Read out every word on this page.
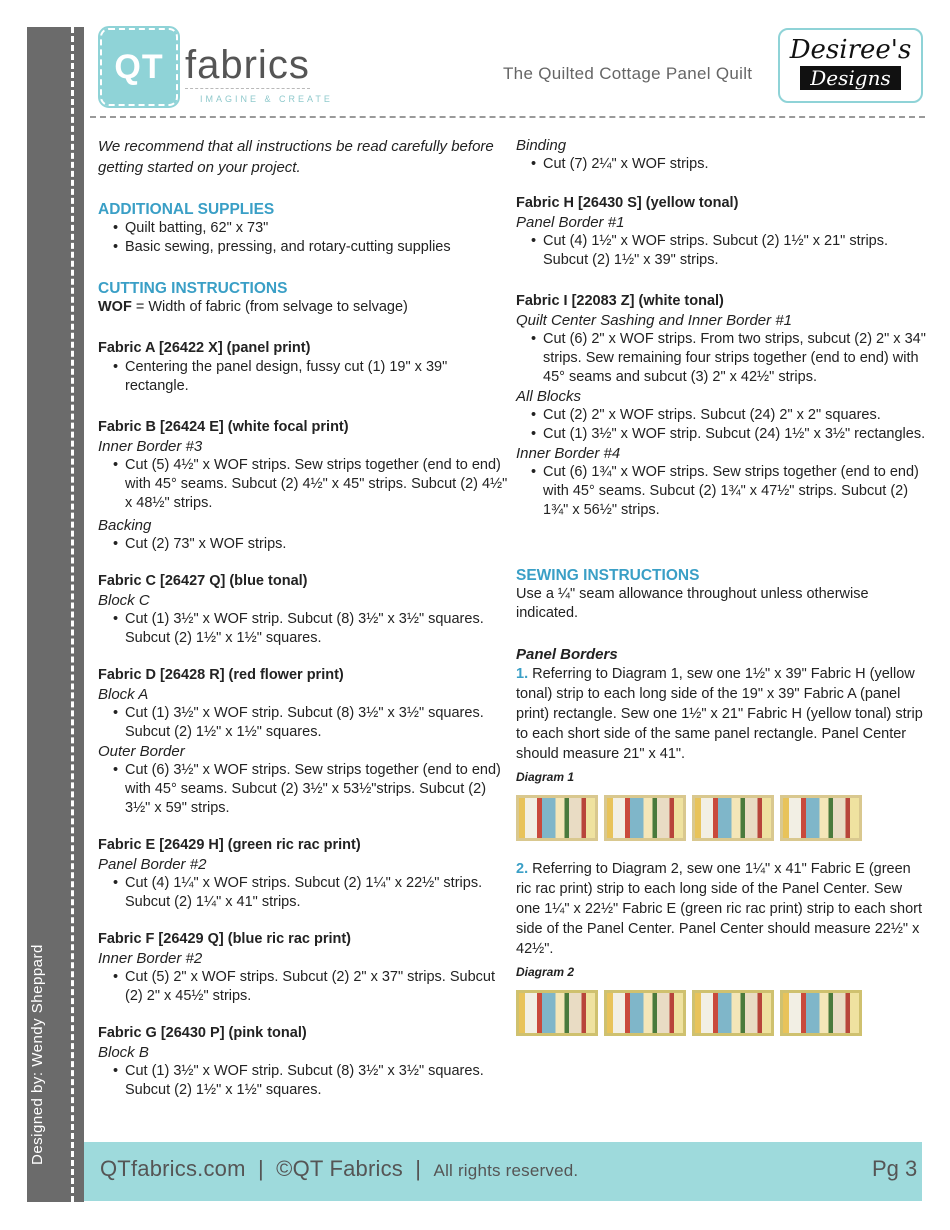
Designed by: Wendy Sheppard
QT fabrics
IMAGINE & CREATE
The Quilted Cottage Panel Quilt
Desiree's
Designs
We recommend that all instructions be read carefully before getting started on your project.
ADDITIONAL SUPPLIES
• Quilt batting, 62" x 73"
• Basic sewing, pressing, and rotary-cutting supplies
CUTTING INSTRUCTIONS
WOF = Width of fabric (from selvage to selvage)
Fabric A [26422 X] (panel print)
• Centering the panel design, fussy cut (1) 19" x 39" rectangle.
Fabric B [26424 E] (white focal print)
Inner Border #3
• Cut (5) 4½" x WOF strips. Sew strips together (end to end) with 45° seams. Subcut (2) 4½" x 45" strips. Subcut (2) 4½" x 48½" strips.
Backing
• Cut (2) 73" x WOF strips.
Fabric C [26427 Q] (blue tonal)
Block C
• Cut (1) 3½" x WOF strip. Subcut (8) 3½" x 3½" squares. Subcut (2) 1½" x 1½" squares.
Fabric D [26428 R] (red flower print)
Block A
• Cut (1) 3½" x WOF strip. Subcut (8) 3½" x 3½" squares. Subcut (2) 1½" x 1½" squares.
Outer Border
• Cut (6) 3½" x WOF strips. Sew strips together (end to end) with 45° seams. Subcut (2) 3½" x 53½"strips. Subcut (2) 3½" x 59" strips.
Fabric E [26429 H] (green ric rac print)
Panel Border #2
• Cut (4) 1¼" x WOF strips. Subcut (2) 1¼" x 22½" strips. Subcut (2) 1¼" x 41" strips.
Fabric F [26429 Q] (blue ric rac print)
Inner Border #2
• Cut (5) 2" x WOF strips. Subcut (2) 2" x 37" strips. Subcut (2) 2" x 45½" strips.
Fabric G [26430 P] (pink tonal)
Block B
• Cut (1) 3½" x WOF strip. Subcut (8) 3½" x 3½" squares. Subcut (2) 1½" x 1½" squares.
Binding
• Cut (7) 2¼" x WOF strips.
Fabric H [26430 S] (yellow tonal)
Panel Border #1
• Cut (4) 1½" x WOF strips. Subcut (2) 1½" x 21" strips. Subcut (2) 1½" x 39" strips.
Fabric I [22083 Z] (white tonal)
Quilt Center Sashing and Inner Border #1
• Cut (6) 2" x WOF strips. From two strips, subcut (2) 2" x 34" strips. Sew remaining four strips together (end to end) with 45° seams and subcut (3) 2" x 42½" strips.
All Blocks
• Cut (2) 2" x WOF strips. Subcut (24) 2" x 2" squares.
• Cut (1) 3½" x WOF strip. Subcut (24) 1½" x 3½" rectangles.
Inner Border #4
• Cut (6) 1¾" x WOF strips. Sew strips together (end to end) with 45° seams. Subcut (2) 1¾" x 47½" strips. Subcut (2) 1¾" x 56½" strips.
SEWING INSTRUCTIONS
Use a ¼" seam allowance throughout unless otherwise indicated.
Panel Borders
1. Referring to Diagram 1, sew one 1½" x 39" Fabric H (yellow tonal) strip to each long side of the 19" x 39" Fabric A (panel print) rectangle. Sew one 1½" x 21" Fabric H (yellow tonal) strip to each short side of the same panel rectangle. Panel Center should measure 21" x 41".
Diagram 1
2. Referring to Diagram 2, sew one 1¼" x 41" Fabric E (green ric rac print) strip to each long side of the Panel Center. Sew one 1¼" x 22½" Fabric E (green ric rac print) strip to each short side of the Panel Center. Panel Center should measure 22½" x 42½".
Diagram 2
QTfabrics.com | ©QT Fabrics | All rights reserved.	Pg 3
